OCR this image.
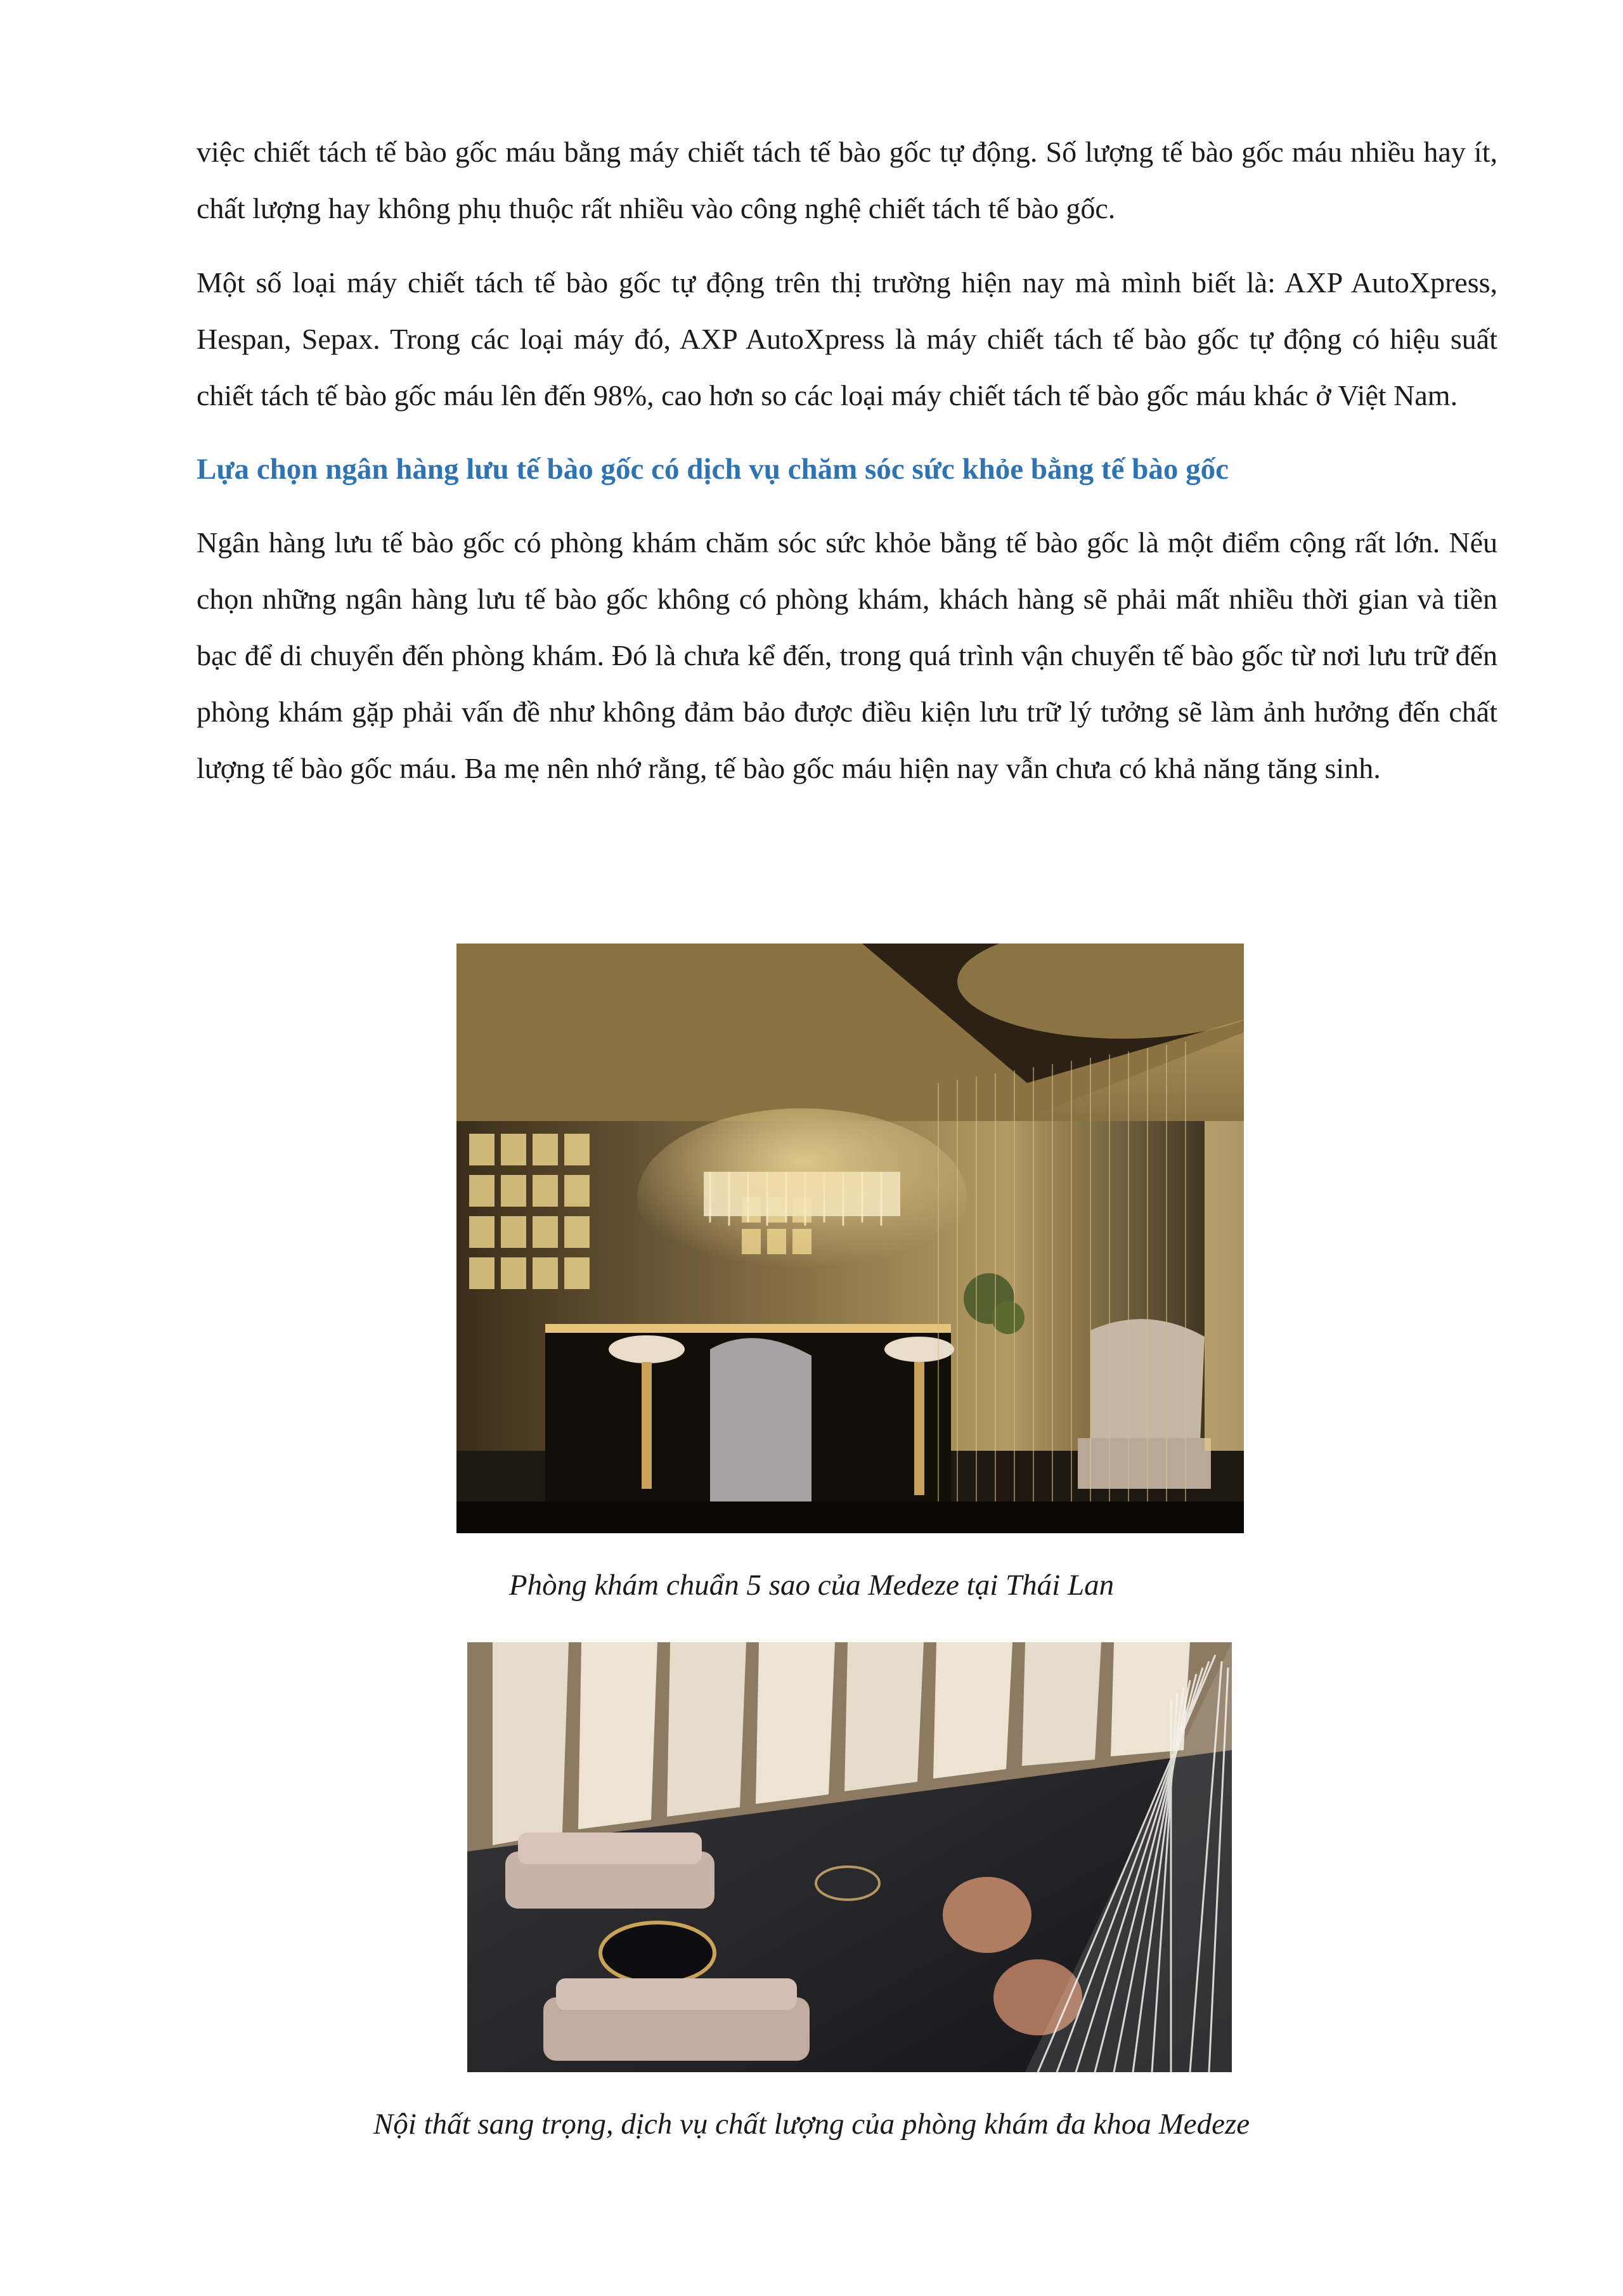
việc chiết tách tế bào gốc máu bằng máy chiết tách tế bào gốc tự động. Số lượng tế bào gốc máu nhiều hay ít, chất lượng hay không phụ thuộc rất nhiều vào công nghệ chiết tách tế bào gốc.

Một số loại máy chiết tách tế bào gốc tự động trên thị trường hiện nay mà mình biết là: AXP AutoXpress, Hespan, Sepax. Trong các loại máy đó, AXP AutoXpress là máy chiết tách tế bào gốc tự động có hiệu suất chiết tách tế bào gốc máu lên đến 98%, cao hơn so các loại máy chiết tách tế bào gốc máu khác ở Việt Nam.

Lựa chọn ngân hàng lưu tế bào gốc có dịch vụ chăm sóc sức khỏe bằng tế bào gốc

Ngân hàng lưu tế bào gốc có phòng khám chăm sóc sức khỏe bằng tế bào gốc là một điểm cộng rất lớn. Nếu chọn những ngân hàng lưu tế bào gốc không có phòng khám, khách hàng sẽ phải mất nhiều thời gian và tiền bạc để di chuyển đến phòng khám. Đó là chưa kể đến, trong quá trình vận chuyển tế bào gốc từ nơi lưu trữ đến phòng khám gặp phải vấn đề như không đảm bảo được điều kiện lưu trữ lý tưởng sẽ làm ảnh hưởng đến chất lượng tế bào gốc máu. Ba mẹ nên nhớ rằng, tế bào gốc máu hiện nay vẫn chưa có khả năng tăng sinh.

Phòng khám chuẩn 5 sao của Medeze tại Thái Lan
Nội thất sang trọng, dịch vụ chất lượng của phòng khám đa khoa Medeze
